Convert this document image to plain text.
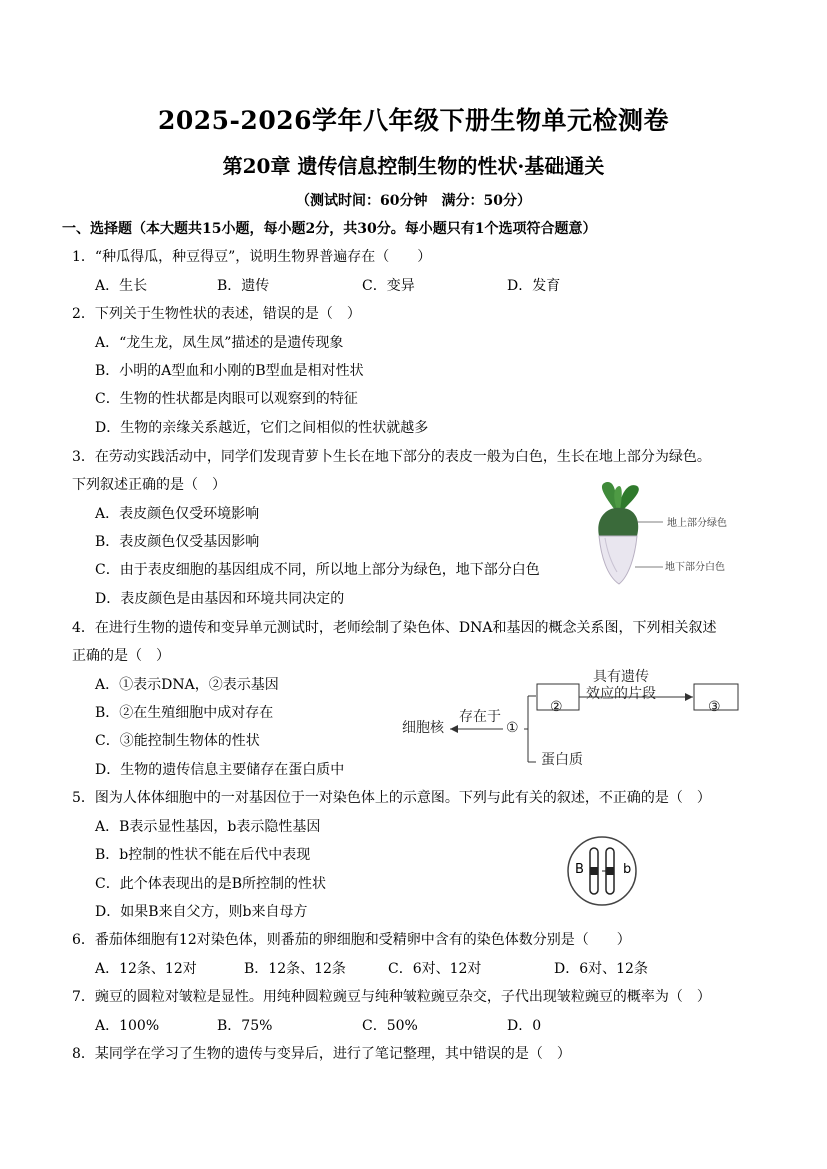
2025-2026学年八年级下册生物单元检测卷
第20章 遗传信息控制生物的性状·基础通关
（测试时间：60分钟　满分：50分）
一、选择题（本大题共15小题，每小题2分，共30分。每小题只有1个选项符合题意）
1．“种瓜得瓜，种豆得豆”，说明生物界普遍存在（　　）
A．生长	B．遗传	C．变异	D．发育
2．下列关于生物性状的表述，错误的是（　）
A．“龙生龙，凤生凤”描述的是遗传现象
B．小明的A型血和小刚的B型血是相对性状
C．生物的性状都是肉眼可以观察到的特征
D．生物的亲缘关系越近，它们之间相似的性状就越多
3．在劳动实践活动中，同学们发现青萝卜生长在地下部分的表皮一般为白色，生长在地上部分为绿色。
下列叙述正确的是（　）
A．表皮颜色仅受环境影响
B．表皮颜色仅受基因影响
C．由于表皮细胞的基因组成不同，所以地上部分为绿色，地下部分白色
D．表皮颜色是由基因和环境共同决定的
地上部分绿色
地下部分白色
4．在进行生物的遗传和变异单元测试时，老师绘制了染色体、DNA和基因的概念关系图，下列相关叙述
正确的是（　）
A．①表示DNA，②表示基因
B．②在生殖细胞中成对存在
C．③能控制生物体的性状
D．生物的遗传信息主要储存在蛋白质中
细胞核
存在于
①
②	③
具有遗传
效应的片段
蛋白质
5．图为人体体细胞中的一对基因位于一对染色体上的示意图。下列与此有关的叙述，不正确的是（　）
A．B表示显性基因，b表示隐性基因
B．b控制的性状不能在后代中表现
C．此个体表现出的是B所控制的性状
D．如果B来自父方，则b来自母方
B	b
6．番茄体细胞有12对染色体，则番茄的卵细胞和受精卵中含有的染色体数分别是（　　）
A．12条、12对	B．12条、12条	C．6对、12对	D．6对、12条
7．豌豆的圆粒对皱粒是显性。用纯种圆粒豌豆与纯种皱粒豌豆杂交，子代出现皱粒豌豆的概率为（　）
A．100%	B．75%	C．50%	D．0
8．某同学在学习了生物的遗传与变异后，进行了笔记整理，其中错误的是（　）
